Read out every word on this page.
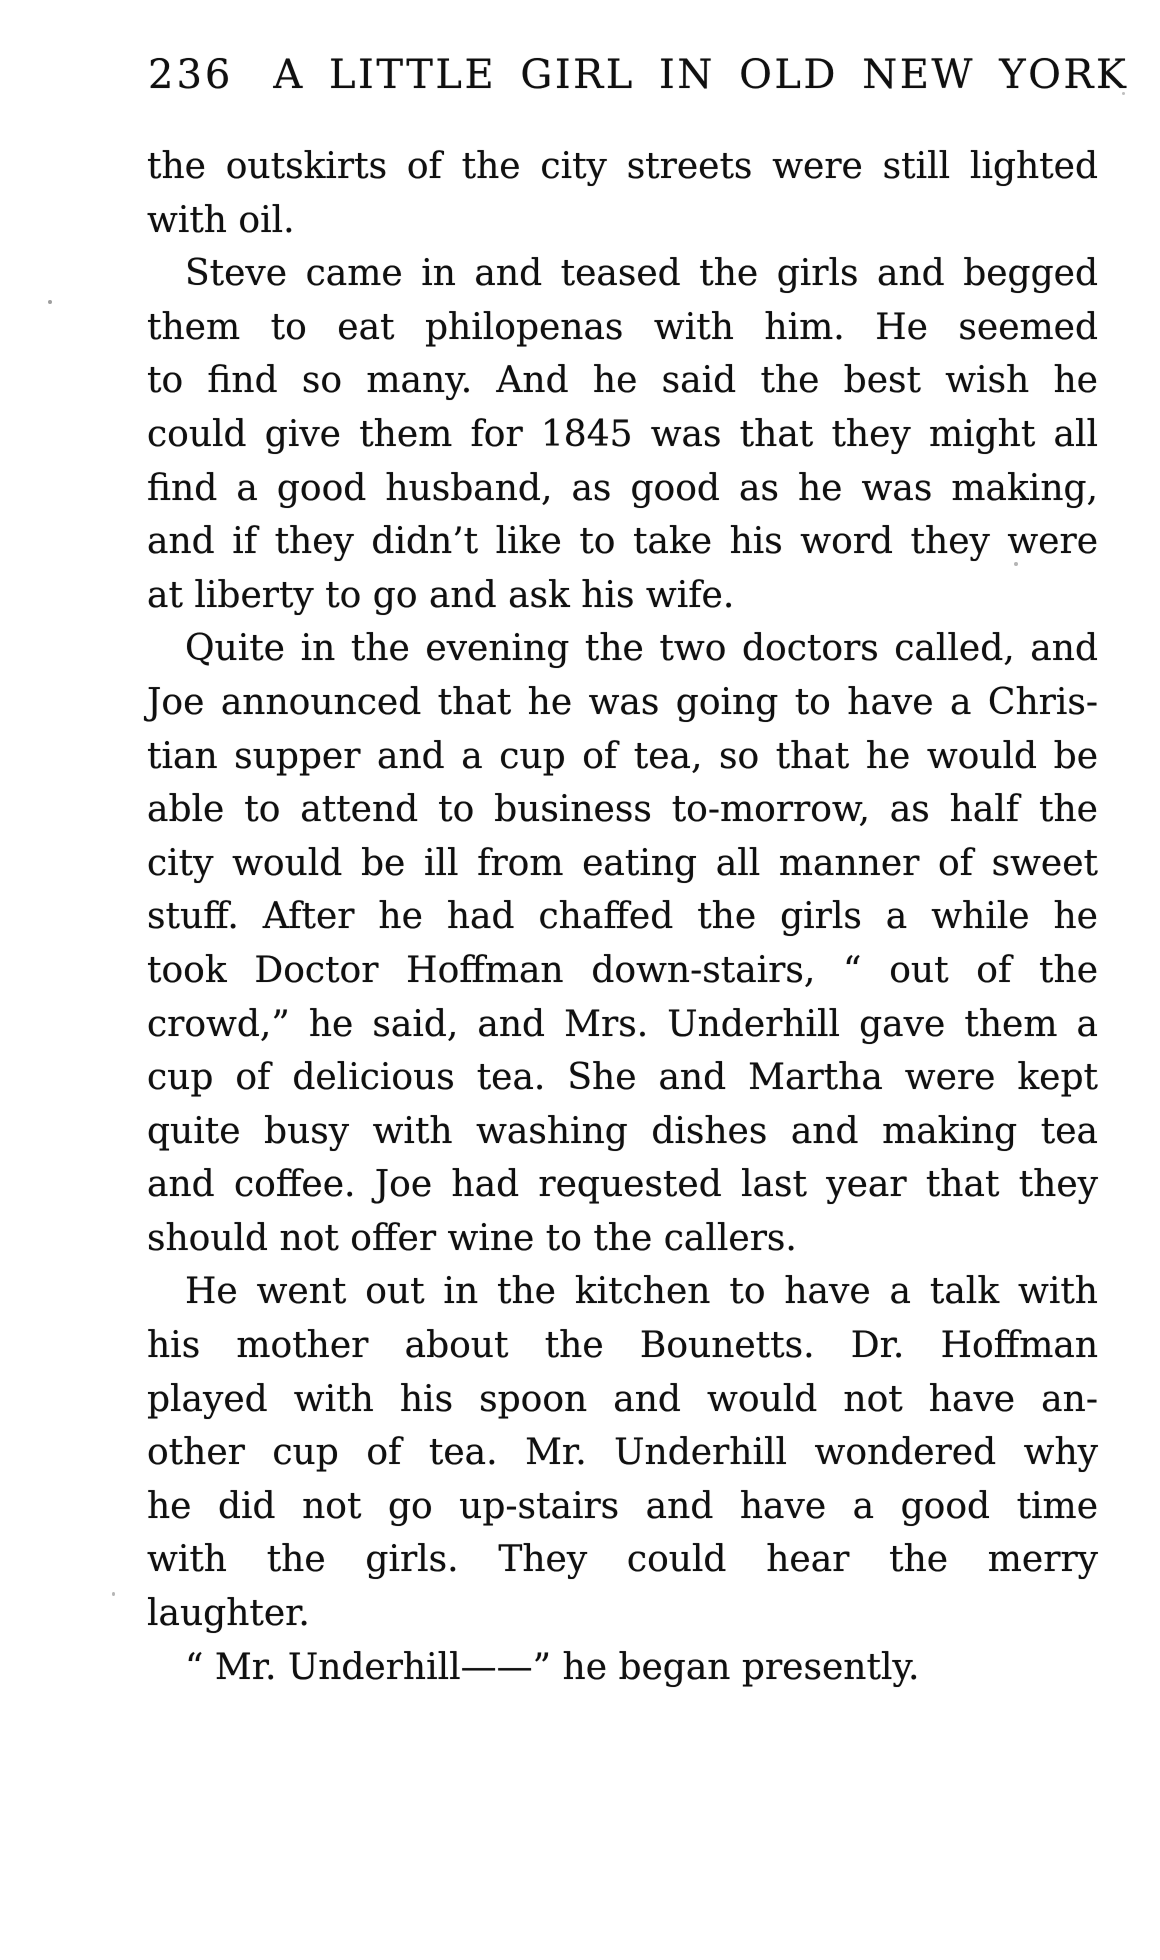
236 A LITTLE GIRL IN OLD NEW YORK
the outskirts of the city streets were still lighted
with oil.
Steve came in and teased the girls and begged
them to eat philopenas with him. He seemed
to find so many. And he said the best wish he
could give them for 1845 was that they might all
find a good husband, as good as he was making,
and if they didn’t like to take his word they were
at liberty to go and ask his wife.
Quite in the evening the two doctors called, and
Joe announced that he was going to have a Chris-
tian supper and a cup of tea, so that he would be
able to attend to business to-morrow, as half the
city would be ill from eating all manner of sweet
stuff. After he had chaffed the girls a while he
took Doctor Hoffman down-stairs, “ out of the
crowd,” he said, and Mrs. Underhill gave them a
cup of delicious tea. She and Martha were kept
quite busy with washing dishes and making tea
and coffee. Joe had requested last year that they
should not offer wine to the callers.
He went out in the kitchen to have a talk with
his mother about the Bounetts. Dr. Hoffman
played with his spoon and would not have an-
other cup of tea. Mr. Underhill wondered why
he did not go up-stairs and have a good time
with the girls. They could hear the merry
laughter.
“ Mr. Underhill——” he began presently.
